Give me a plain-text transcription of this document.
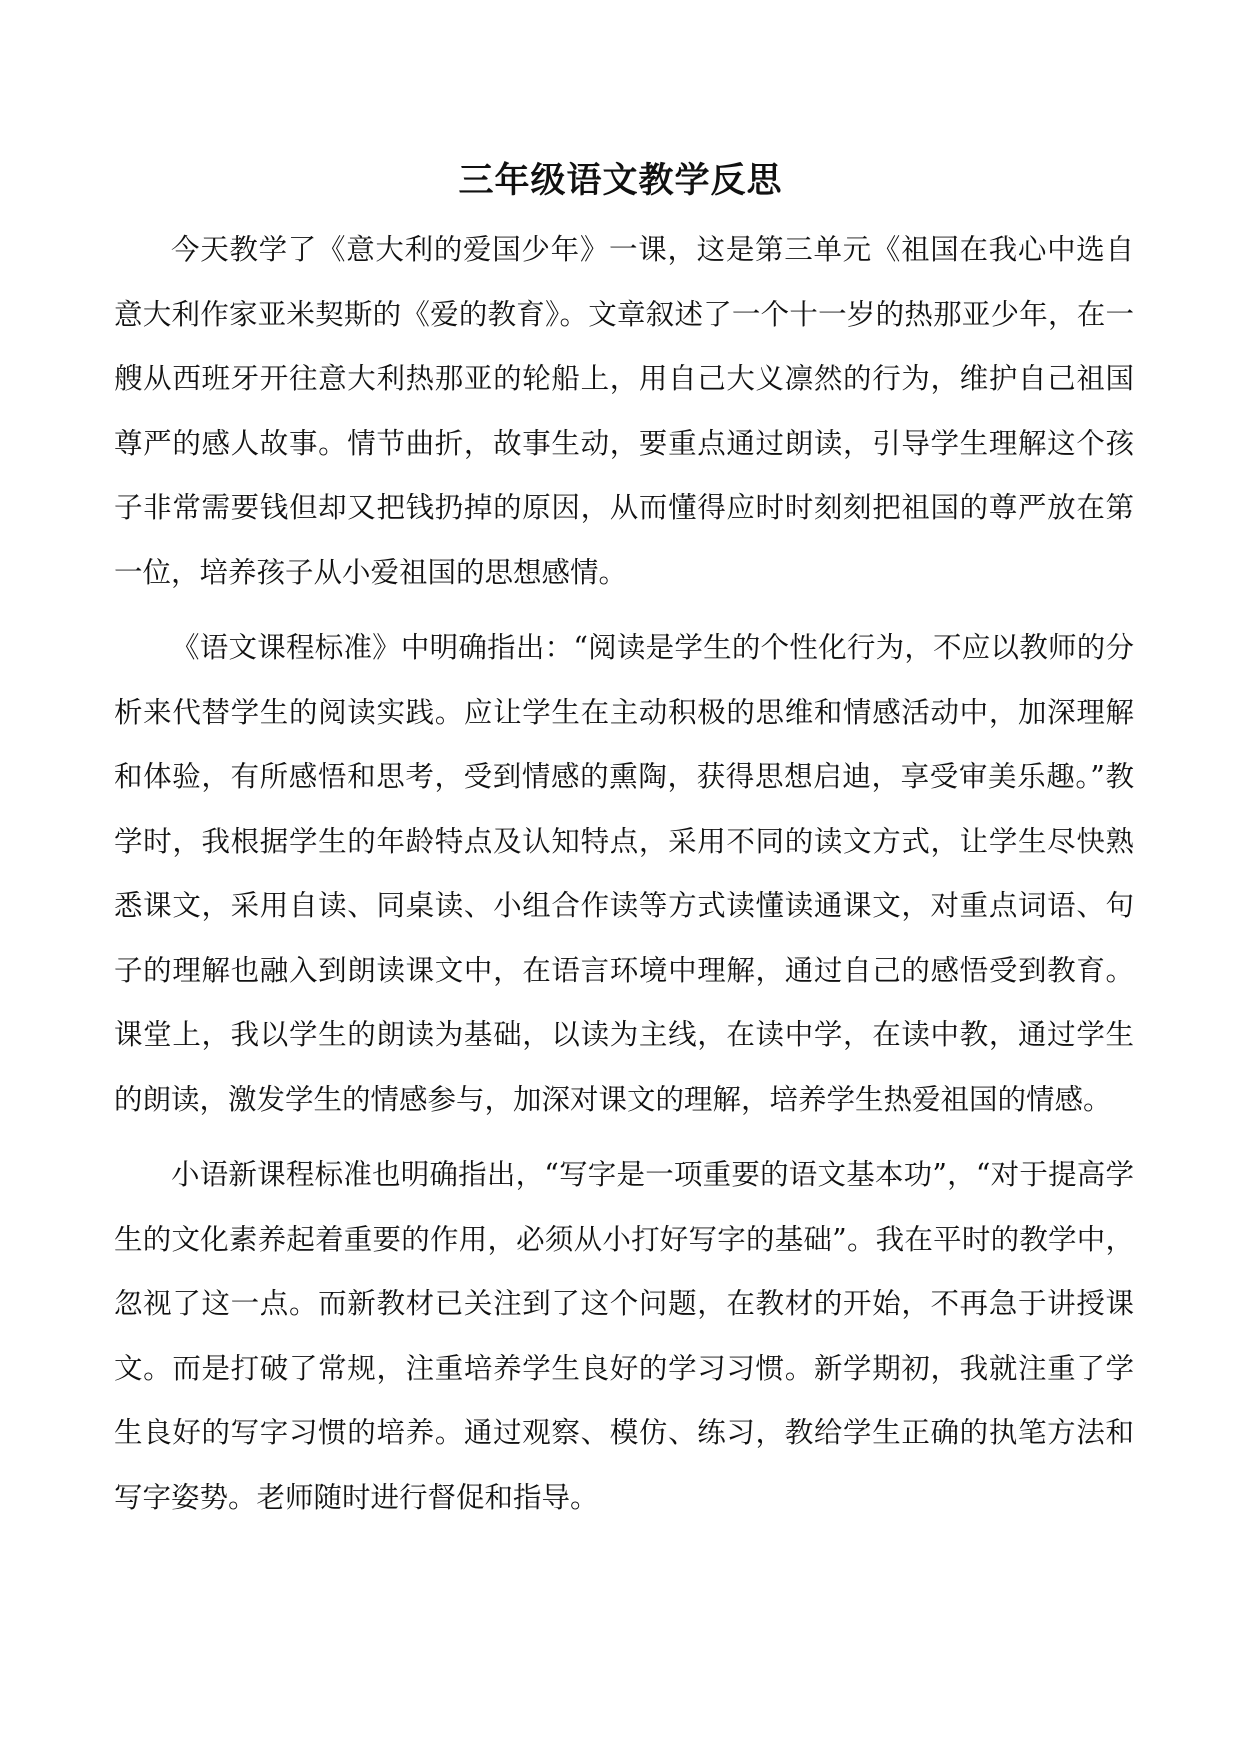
三年级语文教学反思

今天教学了《意大利的爱国少年》一课，这是第三单元《祖国在我心中选自意大利作家亚米契斯的《爱的教育》。文章叙述了一个十一岁的热那亚少年，在一艘从西班牙开往意大利热那亚的轮船上，用自己大义凛然的行为，维护自己祖国尊严的感人故事。情节曲折，故事生动，要重点通过朗读，引导学生理解这个孩子非常需要钱但却又把钱扔掉的原因，从而懂得应时时刻刻把祖国的尊严放在第一位，培养孩子从小爱祖国的思想感情。

《语文课程标准》中明确指出：“阅读是学生的个性化行为，不应以教师的分析来代替学生的阅读实践。应让学生在主动积极的思维和情感活动中，加深理解和体验，有所感悟和思考，受到情感的熏陶，获得思想启迪，享受审美乐趣。”教学时，我根据学生的年龄特点及认知特点，采用不同的读文方式，让学生尽快熟悉课文，采用自读、同桌读、小组合作读等方式读懂读通课文，对重点词语、句子的理解也融入到朗读课文中，在语言环境中理解，通过自己的感悟受到教育。课堂上，我以学生的朗读为基础，以读为主线，在读中学，在读中教，通过学生的朗读，激发学生的情感参与，加深对课文的理解，培养学生热爱祖国的情感。

小语新课程标准也明确指出，“写字是一项重要的语文基本功”，“对于提高学生的文化素养起着重要的作用，必须从小打好写字的基础”。我在平时的教学中，忽视了这一点。而新教材已关注到了这个问题，在教材的开始，不再急于讲授课文。而是打破了常规，注重培养学生良好的学习习惯。新学期初，我就注重了学生良好的写字习惯的培养。通过观察、模仿、练习，教给学生正确的执笔方法和写字姿势。老师随时进行督促和指导。
